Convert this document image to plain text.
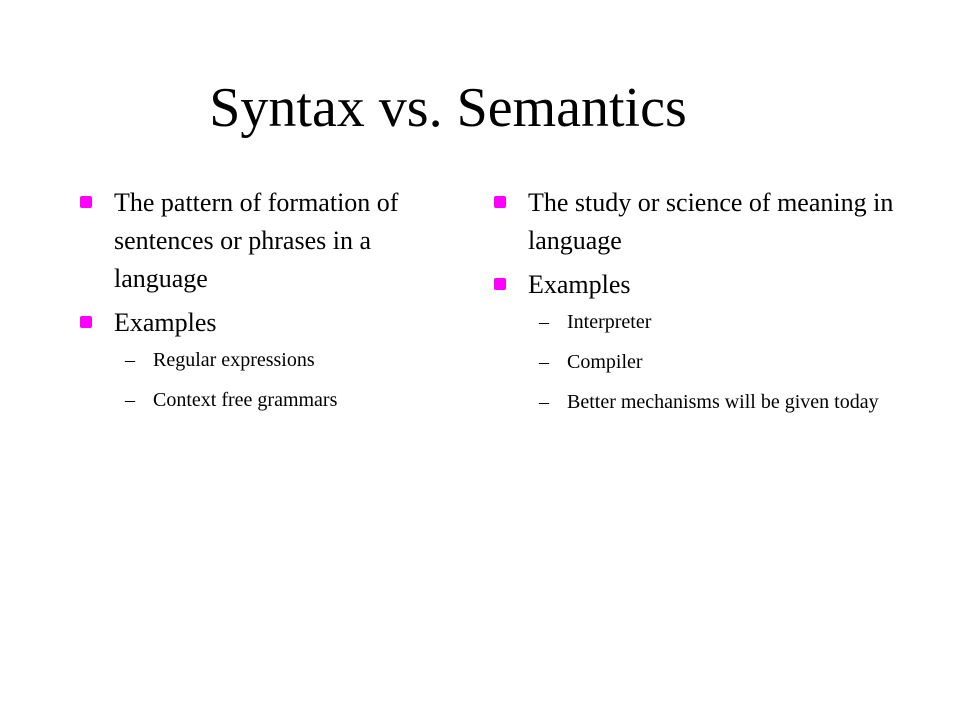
Syntax vs. Semantics
The pattern of formation of sentences or phrases in a language
Examples
– Regular expressions
– Context free grammars
The study or science of meaning in language
Examples
– Interpreter
– Compiler
– Better mechanisms will be given today
